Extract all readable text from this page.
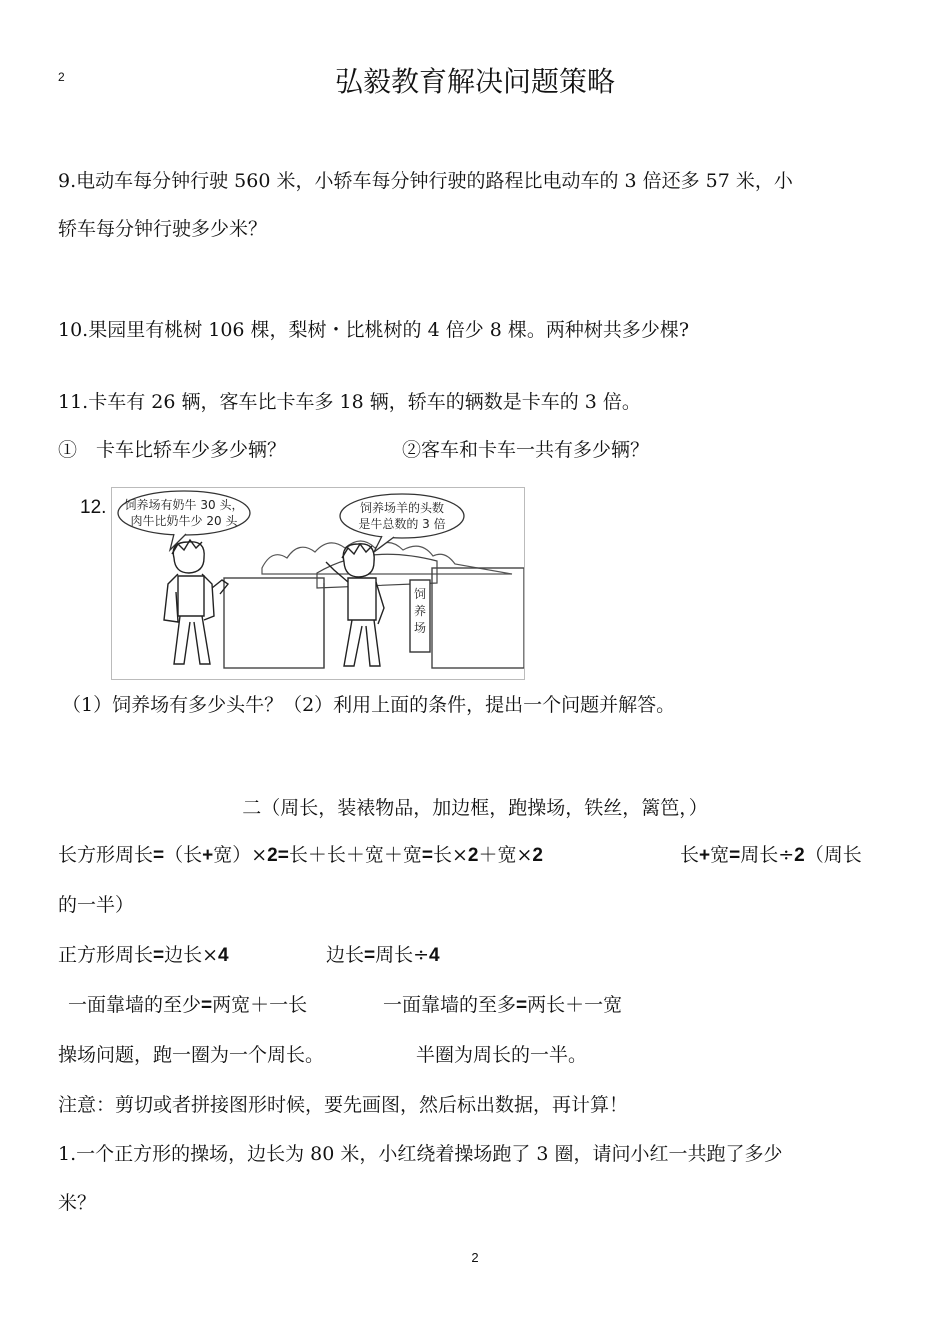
2	弘毅教育解决问题策略
9.电动车每分钟行驶 560 米，小轿车每分钟行驶的路程比电动车的 3 倍还多 57 米，小
轿车每分钟行驶多少米？
10.果园里有桃树 106 棵，梨树・比桃树的 4 倍少 8 棵。两种树共多少棵?
11.卡车有 26 辆，客车比卡车多 18 辆，轿车的辆数是卡车的 3 倍。
①　卡车比轿车少多少辆？	②客车和卡车一共有多少辆？
12.
饲
养
场
饲养场有奶牛 30 头，
肉牛比奶牛少 20 头
饲养场羊的头数
是牛总数的 3 倍
（1）饲养场有多少头牛？（2）利用上面的条件，提出一个问题并解答。
二（周长，装裱物品，加边框，跑操场，铁丝，篱笆，）
长方形周长=（长+宽）×2=长＋长＋宽＋宽=长×2＋宽×2	长+宽=周长÷2（周长
的一半）
正方形周长=边长×4	边长=周长÷4
一面靠墙的至少=两宽＋一长	一面靠墙的至多=两长＋一宽
操场问题，跑一圈为一个周长。	半圈为周长的一半。
注意：剪切或者拼接图形时候，要先画图，然后标出数据，再计算！
1.一个正方形的操场，边长为 80 米，小红绕着操场跑了 3 圈，请问小红一共跑了多少
米？
2
